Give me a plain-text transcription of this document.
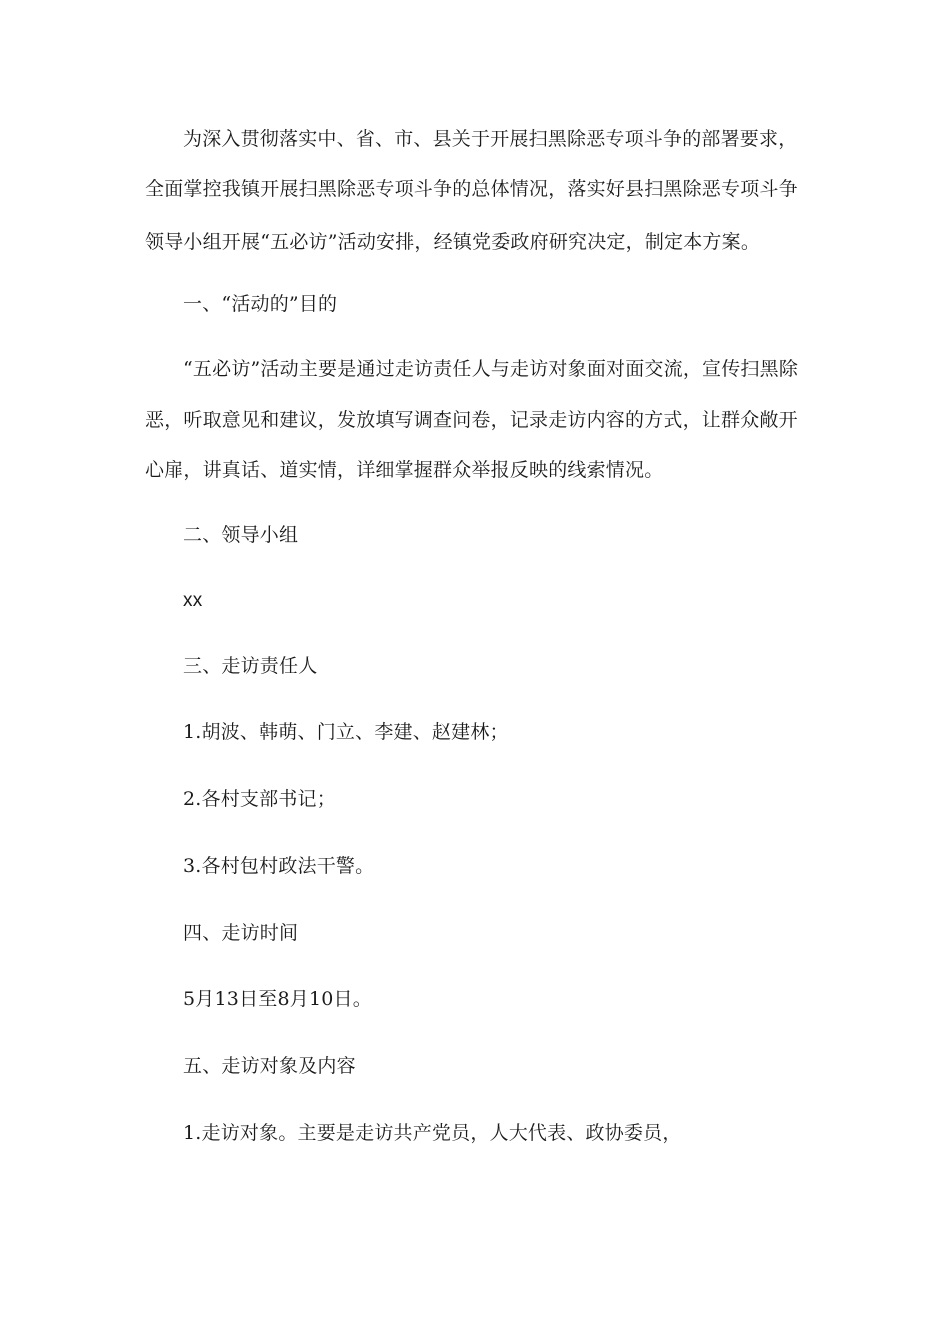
为深入贯彻落实中、省、市、县关于开展扫黑除恶专项斗争的部署要求，
全面掌控我镇开展扫黑除恶专项斗争的总体情况，落实好县扫黑除恶专项斗争
领导小组开展“五必访”活动安排，经镇党委政府研究决定，制定本方案。
一、“活动的”目的
“五必访”活动主要是通过走访责任人与走访对象面对面交流，宣传扫黑除
恶，听取意见和建议，发放填写调查问卷，记录走访内容的方式，让群众敞开
心扉，讲真话、道实情，详细掌握群众举报反映的线索情况。
二、领导小组
xx
三、走访责任人
1.胡波、韩萌、门立、李建、赵建林；
2.各村支部书记；
3.各村包村政法干警。
四、走访时间
5月13日至8月10日。
五、走访对象及内容
1.走访对象。主要是走访共产党员，人大代表、政协委员，
